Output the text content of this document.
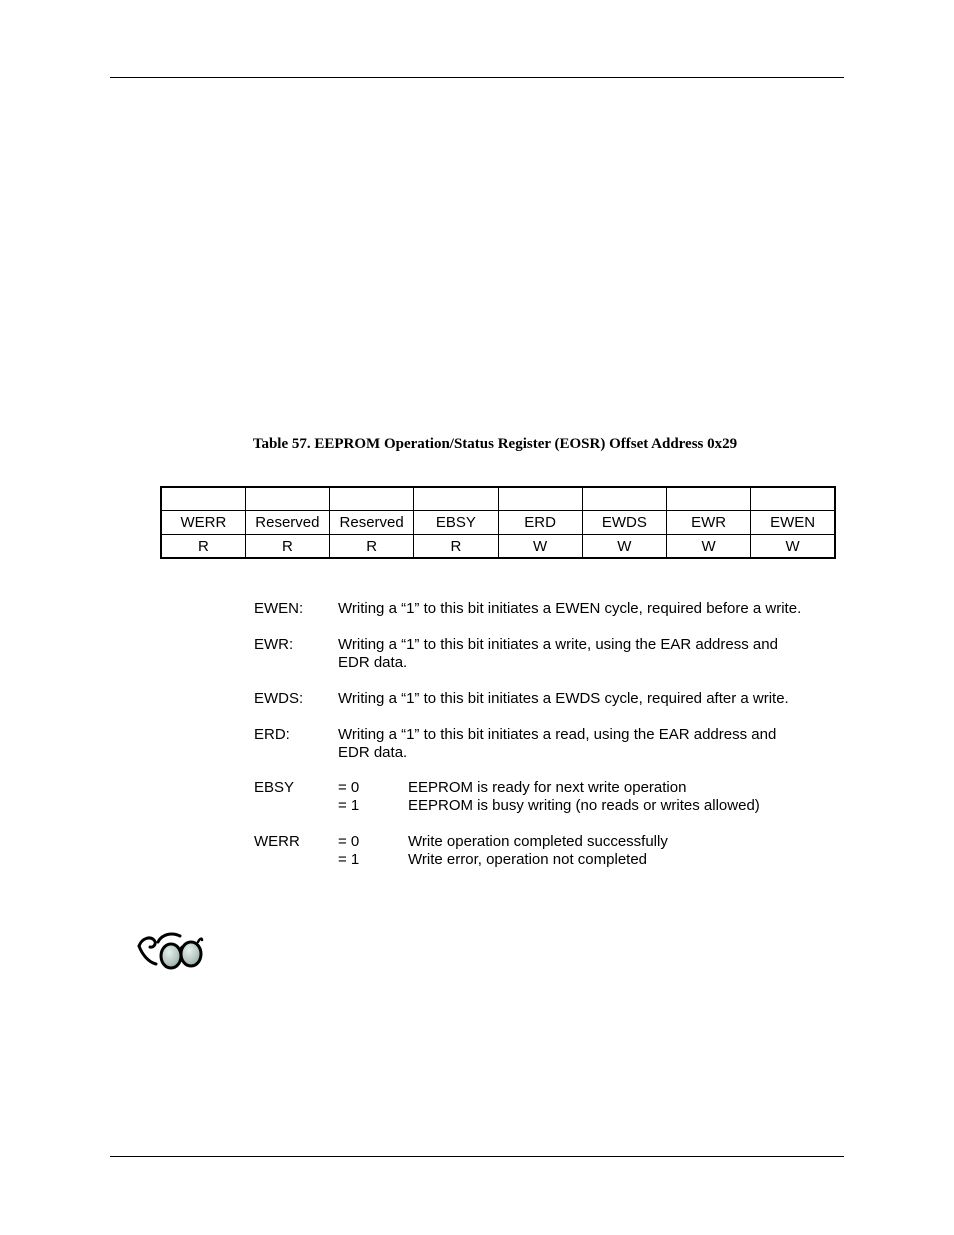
Table 57. EEPROM Operation/Status Register (EOSR) Offset Address 0x29

WERR	Reserved	Reserved	EBSY	ERD	EWDS	EWR	EWEN
R	R	R	R	W	W	W	W
EWEN: Writing a “1” to this bit initiates a EWEN cycle, required before a write.
EWR:	Writing a “1” to this bit initiates a write, using the EAR address and
EDR data.
EWDS: Writing a “1” to this bit initiates a EWDS cycle, required after a write.
ERD:	Writing a “1” to this bit initiates a read, using the EAR address and
EDR data.
EBSY	= 0	EEPROM is ready for next write operation
= 1	EEPROM is busy writing (no reads or writes allowed)
WERR	= 0	Write operation completed successfully
= 1	Write error, operation not completed
